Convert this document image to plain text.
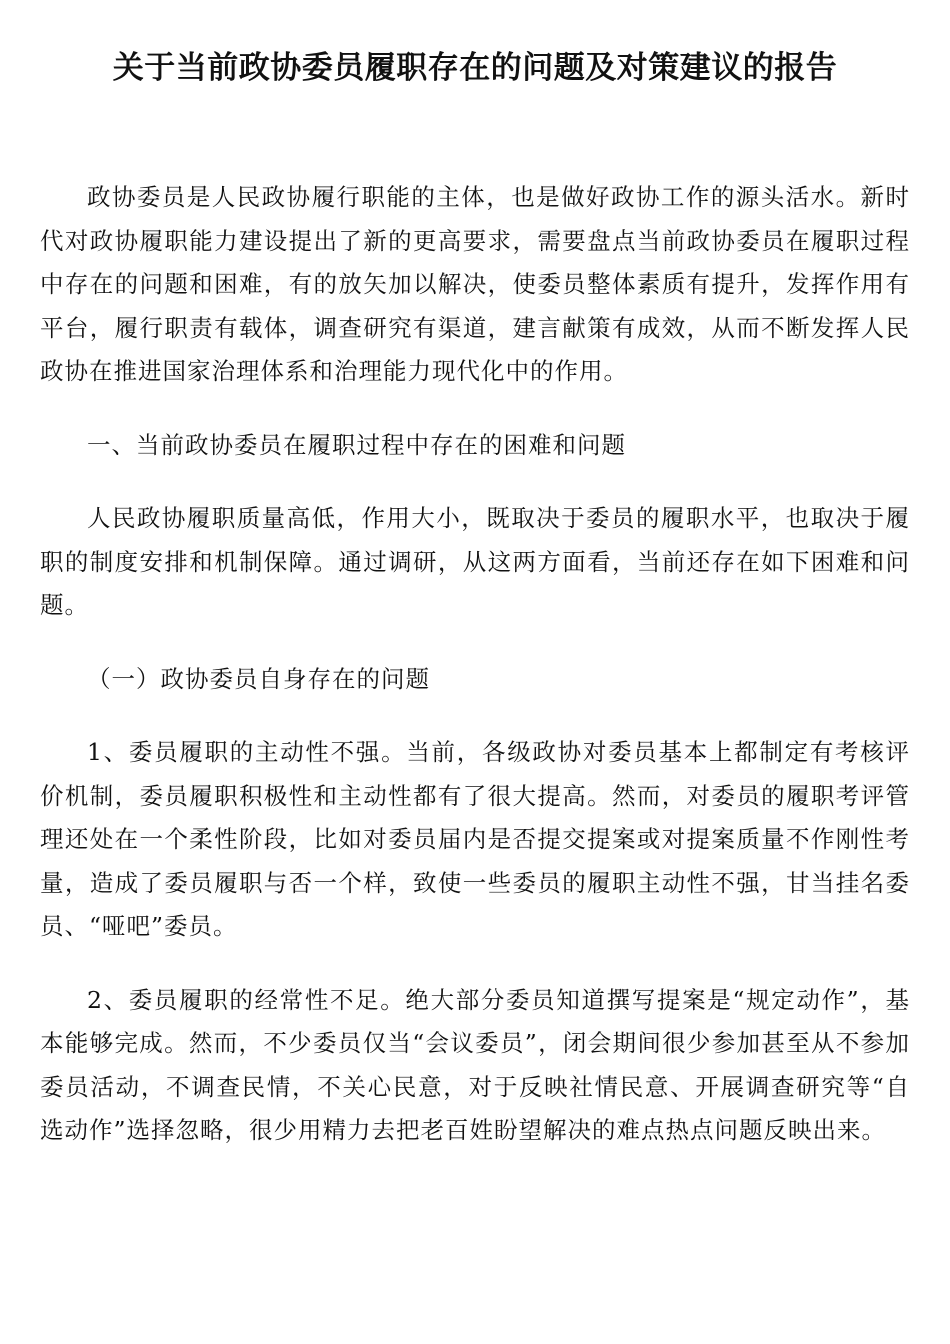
关于当前政协委员履职存在的问题及对策建议的报告

政协委员是人民政协履行职能的主体，也是做好政协工作的源头活水。新时代对政协履职能力建设提出了新的更高要求，需要盘点当前政协委员在履职过程中存在的问题和困难，有的放矢加以解决，使委员整体素质有提升，发挥作用有平台，履行职责有载体，调查研究有渠道，建言献策有成效，从而不断发挥人民政协在推进国家治理体系和治理能力现代化中的作用。

一、当前政协委员在履职过程中存在的困难和问题

人民政协履职质量高低，作用大小，既取决于委员的履职水平，也取决于履职的制度安排和机制保障。通过调研，从这两方面看，当前还存在如下困难和问题。

（一）政协委员自身存在的问题

1、委员履职的主动性不强。当前，各级政协对委员基本上都制定有考核评价机制，委员履职积极性和主动性都有了很大提高。然而，对委员的履职考评管理还处在一个柔性阶段，比如对委员届内是否提交提案或对提案质量不作刚性考量，造成了委员履职与否一个样，致使一些委员的履职主动性不强，甘当挂名委员、“哑吧”委员。

2、委员履职的经常性不足。绝大部分委员知道撰写提案是“规定动作”，基本能够完成。然而，不少委员仅当“会议委员”，闭会期间很少参加甚至从不参加委员活动，不调查民情，不关心民意，对于反映社情民意、开展调查研究等“自选动作”选择忽略，很少用精力去把老百姓盼望解决的难点热点问题反映出来。
